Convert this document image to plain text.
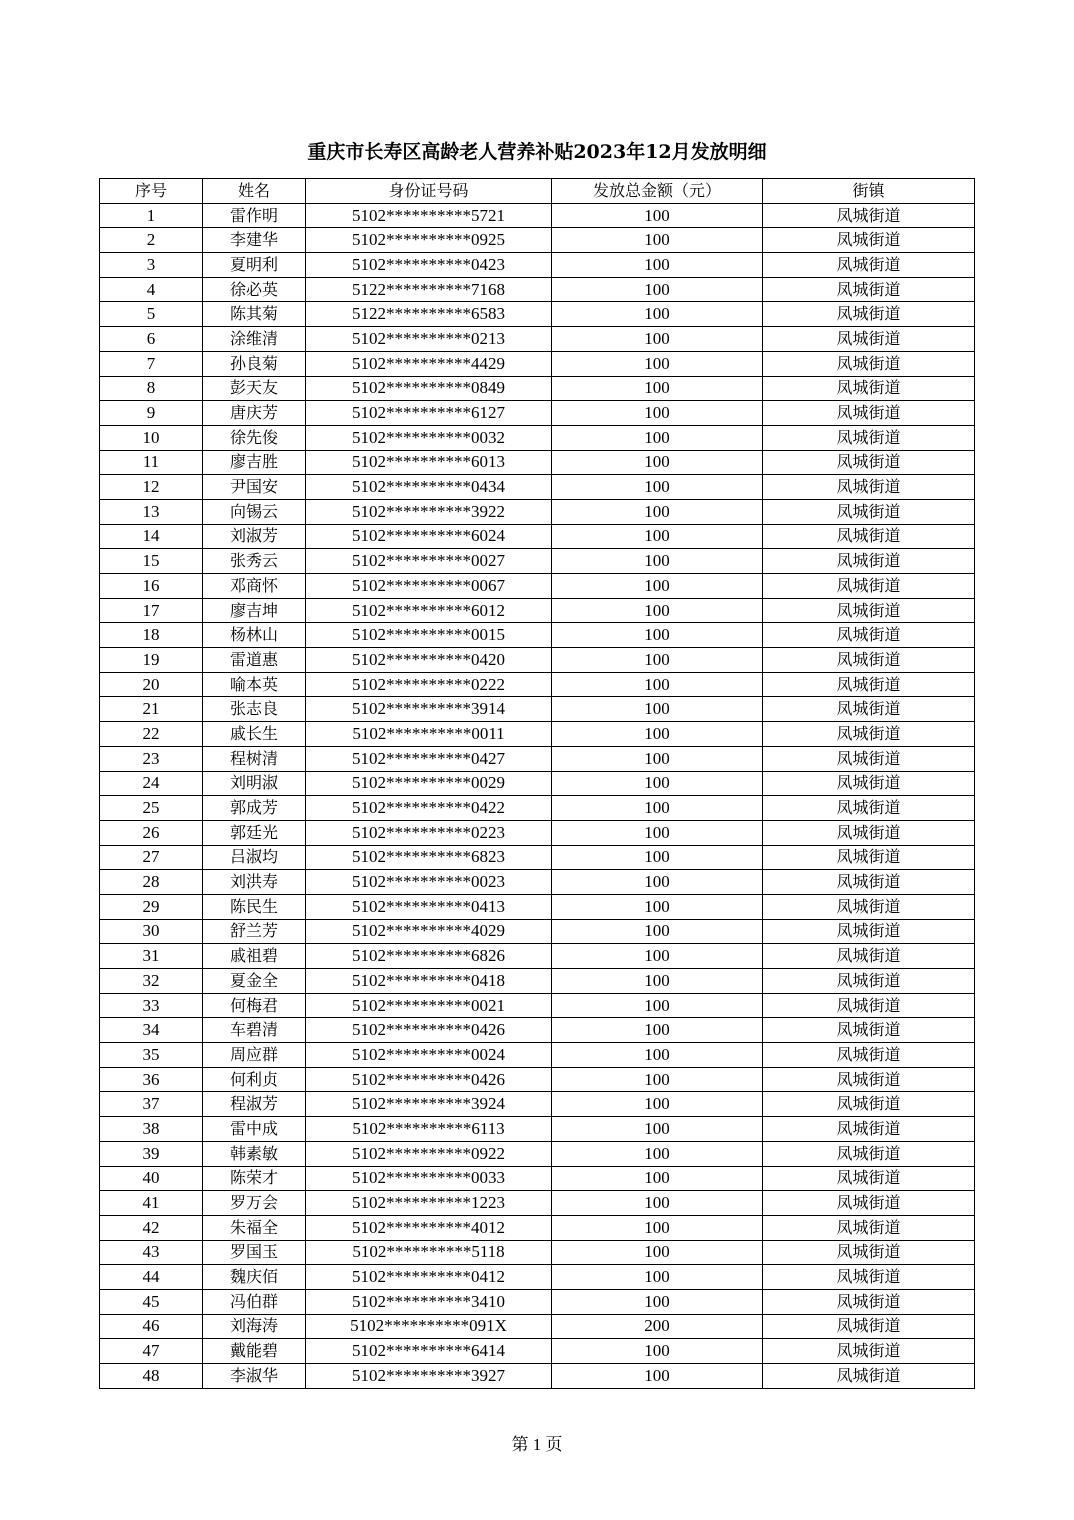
重庆市长寿区高龄老人营养补贴2023年12月发放明细
序号	姓名	身份证号码	发放总金额（元）	街镇
1	雷作明	5102**********5721	100	凤城街道
2	李建华	5102**********0925	100	凤城街道
3	夏明利	5102**********0423	100	凤城街道
4	徐必英	5122**********7168	100	凤城街道
5	陈其菊	5122**********6583	100	凤城街道
6	涂维清	5102**********0213	100	凤城街道
7	孙良菊	5102**********4429	100	凤城街道
8	彭天友	5102**********0849	100	凤城街道
9	唐庆芳	5102**********6127	100	凤城街道
10	徐先俊	5102**********0032	100	凤城街道
11	廖吉胜	5102**********6013	100	凤城街道
12	尹国安	5102**********0434	100	凤城街道
13	向锡云	5102**********3922	100	凤城街道
14	刘淑芳	5102**********6024	100	凤城街道
15	张秀云	5102**********0027	100	凤城街道
16	邓商怀	5102**********0067	100	凤城街道
17	廖吉坤	5102**********6012	100	凤城街道
18	杨林山	5102**********0015	100	凤城街道
19	雷道惠	5102**********0420	100	凤城街道
20	喻本英	5102**********0222	100	凤城街道
21	张志良	5102**********3914	100	凤城街道
22	戚长生	5102**********0011	100	凤城街道
23	程树清	5102**********0427	100	凤城街道
24	刘明淑	5102**********0029	100	凤城街道
25	郭成芳	5102**********0422	100	凤城街道
26	郭廷光	5102**********0223	100	凤城街道
27	吕淑均	5102**********6823	100	凤城街道
28	刘洪寿	5102**********0023	100	凤城街道
29	陈民生	5102**********0413	100	凤城街道
30	舒兰芳	5102**********4029	100	凤城街道
31	戚祖碧	5102**********6826	100	凤城街道
32	夏金全	5102**********0418	100	凤城街道
33	何梅君	5102**********0021	100	凤城街道
34	车碧清	5102**********0426	100	凤城街道
35	周应群	5102**********0024	100	凤城街道
36	何利贞	5102**********0426	100	凤城街道
37	程淑芳	5102**********3924	100	凤城街道
38	雷中成	5102**********6113	100	凤城街道
39	韩素敏	5102**********0922	100	凤城街道
40	陈荣才	5102**********0033	100	凤城街道
41	罗万会	5102**********1223	100	凤城街道
42	朱福全	5102**********4012	100	凤城街道
43	罗国玉	5102**********5118	100	凤城街道
44	魏庆佰	5102**********0412	100	凤城街道
45	冯伯群	5102**********3410	100	凤城街道
46	刘海涛	5102**********091X	200	凤城街道
47	戴能碧	5102**********6414	100	凤城街道
48	李淑华	5102**********3927	100	凤城街道
第 1 页
